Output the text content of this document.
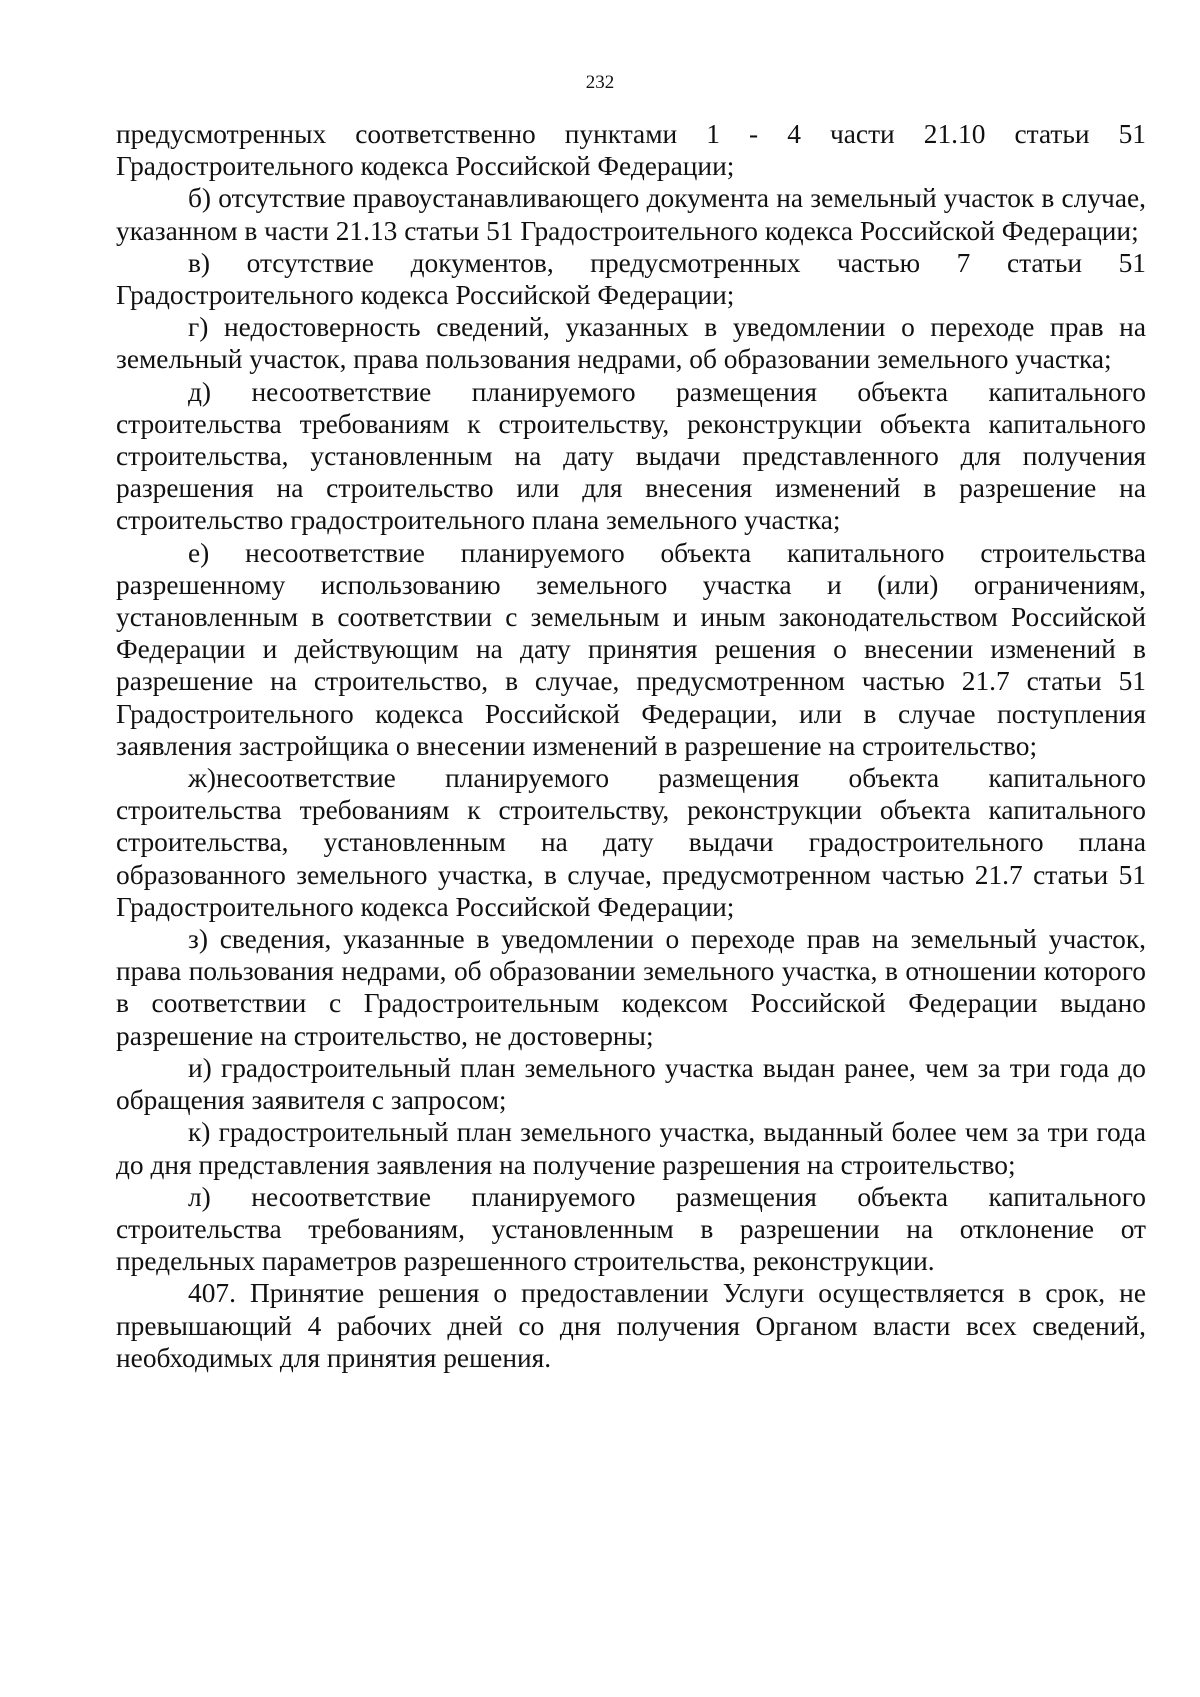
232

предусмотренных соответственно пунктами 1 - 4 части 21.10 статьи 51 Градостроительного кодекса Российской Федерации;

б) отсутствие правоустанавливающего документа на земельный участок в случае, указанном в части 21.13 статьи 51 Градостроительного кодекса Российской Федерации;

в) отсутствие документов, предусмотренных частью 7 статьи 51 Градостроительного кодекса Российской Федерации;

г) недостоверность сведений, указанных в уведомлении о переходе прав на земельный участок, права пользования недрами, об образовании земельного участка;

д) несоответствие планируемого размещения объекта капитального строительства требованиям к строительству, реконструкции объекта капитального строительства, установленным на дату выдачи представленного для получения разрешения на строительство или для внесения изменений в разрешение на строительство градостроительного плана земельного участка;

е) несоответствие планируемого объекта капитального строительства разрешенному использованию земельного участка и (или) ограничениям, установленным в соответствии с земельным и иным законодательством Российской Федерации и действующим на дату принятия решения о внесении изменений в разрешение на строительство, в случае, предусмотренном частью 21.7 статьи 51 Градостроительного кодекса Российской Федерации, или в случае поступления заявления застройщика о внесении изменений в разрешение на строительство;

ж)несоответствие планируемого размещения объекта капитального строительства требованиям к строительству, реконструкции объекта капитального строительства, установленным на дату выдачи градостроительного плана образованного земельного участка, в случае, предусмотренном частью 21.7 статьи 51 Градостроительного кодекса Российской Федерации;

з) сведения, указанные в уведомлении о переходе прав на земельный участок, права пользования недрами, об образовании земельного участка, в отношении которого в соответствии с Градостроительным кодексом Российской Федерации выдано разрешение на строительство, не достоверны;

и) градостроительный план земельного участка выдан ранее, чем за три года до обращения заявителя с запросом;

к) градостроительный план земельного участка, выданный более чем за три года до дня представления заявления на получение разрешения на строительство;

л) несоответствие планируемого размещения объекта капитального строительства требованиям, установленным в разрешении на отклонение от предельных параметров разрешенного строительства, реконструкции.

407. Принятие решения о предоставлении Услуги осуществляется в срок, не превышающий 4 рабочих дней со дня получения Органом власти всех сведений, необходимых для принятия решения.
